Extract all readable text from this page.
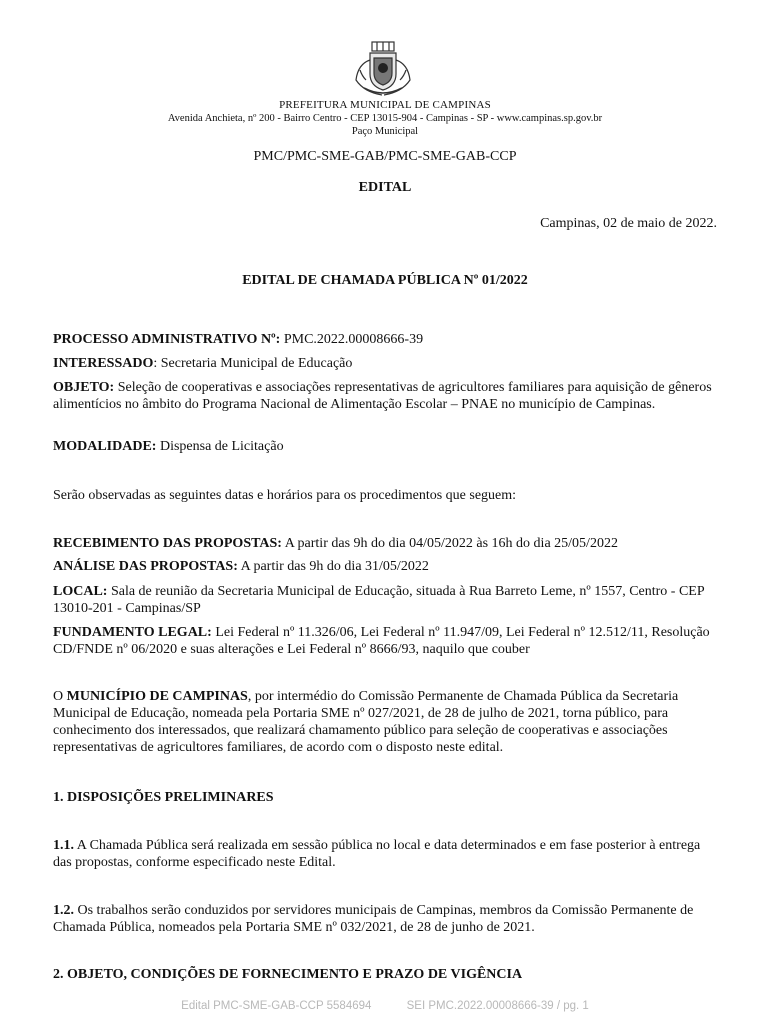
PREFEITURA MUNICIPAL DE CAMPINAS
Avenida Anchieta, nº 200 - Bairro Centro - CEP 13015-904 - Campinas - SP - www.campinas.sp.gov.br
Paço Municipal
PMC/PMC-SME-GAB/PMC-SME-GAB-CCP
EDITAL
Campinas, 02 de maio de 2022.
EDITAL DE CHAMADA PÚBLICA Nº 01/2022
PROCESSO ADMINISTRATIVO Nº: PMC.2022.00008666-39
INTERESSADO: Secretaria Municipal de Educação
OBJETO: Seleção de cooperativas e associações representativas de agricultores familiares para aquisição de gêneros alimentícios no âmbito do Programa Nacional de Alimentação Escolar – PNAE no município de Campinas.
MODALIDADE: Dispensa de Licitação
Serão observadas as seguintes datas e horários para os procedimentos que seguem:
RECEBIMENTO DAS PROPOSTAS: A partir das 9h do dia 04/05/2022 às 16h do dia 25/05/2022
ANÁLISE DAS PROPOSTAS: A partir das 9h do dia 31/05/2022
LOCAL: Sala de reunião da Secretaria Municipal de Educação, situada à Rua Barreto Leme, nº 1557, Centro - CEP 13010-201 - Campinas/SP
FUNDAMENTO LEGAL: Lei Federal nº 11.326/06, Lei Federal nº 11.947/09, Lei Federal nº 12.512/11, Resolução CD/FNDE nº 06/2020 e suas alterações e Lei Federal nº 8666/93, naquilo que couber
O MUNICÍPIO DE CAMPINAS, por intermédio do Comissão Permanente de Chamada Pública da Secretaria Municipal de Educação, nomeada pela Portaria SME nº 027/2021, de 28 de julho de 2021, torna público, para conhecimento dos interessados, que realizará chamamento público para seleção de cooperativas e associações representativas de agricultores familiares, de acordo com o disposto neste edital.
1. DISPOSIÇÕES PRELIMINARES
1.1. A Chamada Pública será realizada em sessão pública no local e data determinados e em fase posterior à entrega das propostas, conforme especificado neste Edital.
1.2. Os trabalhos serão conduzidos por servidores municipais de Campinas, membros da Comissão Permanente de Chamada Pública, nomeados pela Portaria SME nº 032/2021, de 28 de junho de 2021.
2. OBJETO, CONDIÇÕES DE FORNECIMENTO E PRAZO DE VIGÊNCIA
Edital PMC-SME-GAB-CCP 5584694	SEI PMC.2022.00008666-39 / pg. 1
